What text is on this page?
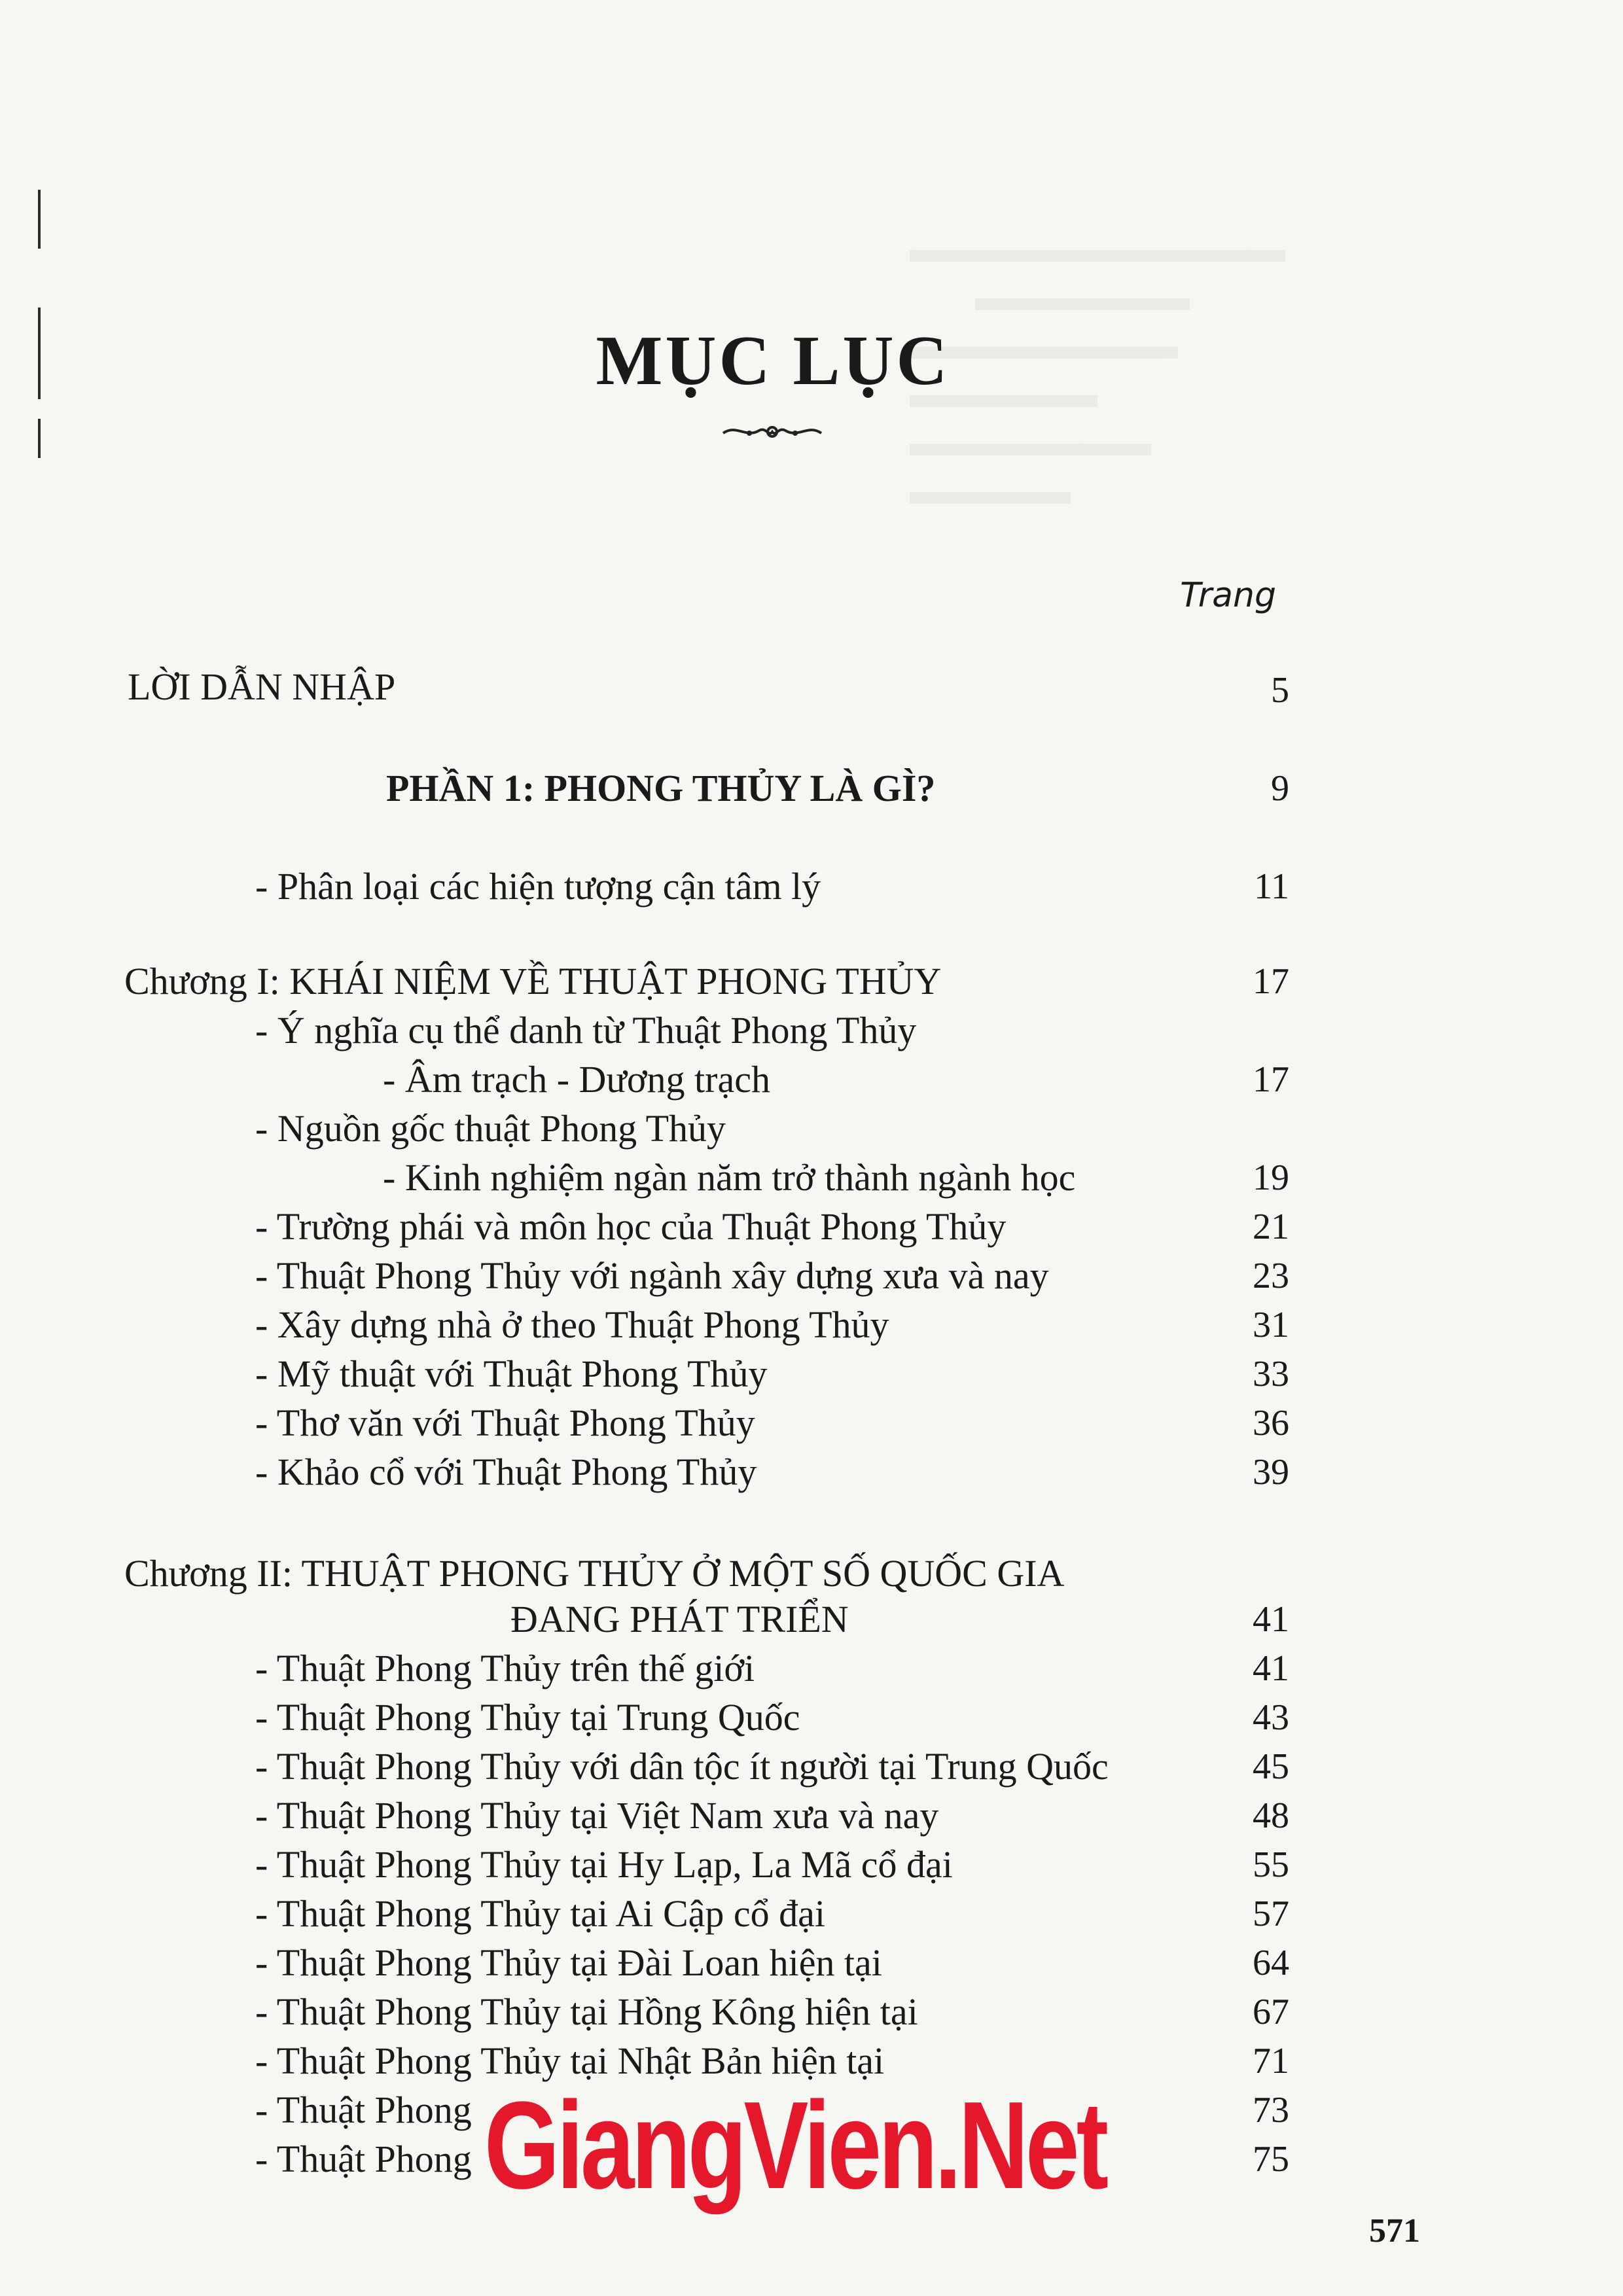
MỤC LỤC
Trang
LỜI DẪN NHẬP	5
PHẦN 1: PHONG THỦY LÀ GÌ?	9
- Phân loại các hiện tượng cận tâm lý	11
Chương I: KHÁI NIỆM VỀ THUẬT PHONG THỦY	17
- Ý nghĩa cụ thể danh từ Thuật Phong Thủy
- Âm trạch - Dương trạch	17
- Nguồn gốc thuật Phong Thủy
- Kinh nghiệm ngàn năm trở thành ngành học	19
- Trường phái và môn học của Thuật Phong Thủy	21
- Thuật Phong Thủy với ngành xây dựng xưa và nay	23
- Xây dựng nhà ở theo Thuật Phong Thủy	31
- Mỹ thuật với Thuật Phong Thủy	33
- Thơ văn với Thuật Phong Thủy	36
- Khảo cổ với Thuật Phong Thủy	39
Chương II: THUẬT PHONG THỦY Ở MỘT SỐ QUỐC GIA
ĐANG PHÁT TRIỂN	41
- Thuật Phong Thủy trên thế giới	41
- Thuật Phong Thủy tại Trung Quốc	43
- Thuật Phong Thủy với dân tộc ít người tại Trung Quốc	45
- Thuật Phong Thủy tại Việt Nam xưa và nay	48
- Thuật Phong Thủy tại Hy Lạp, La Mã cổ đại	55
- Thuật Phong Thủy tại Ai Cập cổ đại	57
- Thuật Phong Thủy tại Đài Loan hiện tại	64
- Thuật Phong Thủy tại Hồng Kông hiện tại	67
- Thuật Phong Thủy tại Nhật Bản hiện tại	71
- Thuật Phong	73
- Thuật Phong	75
GiangVien.Net
571
